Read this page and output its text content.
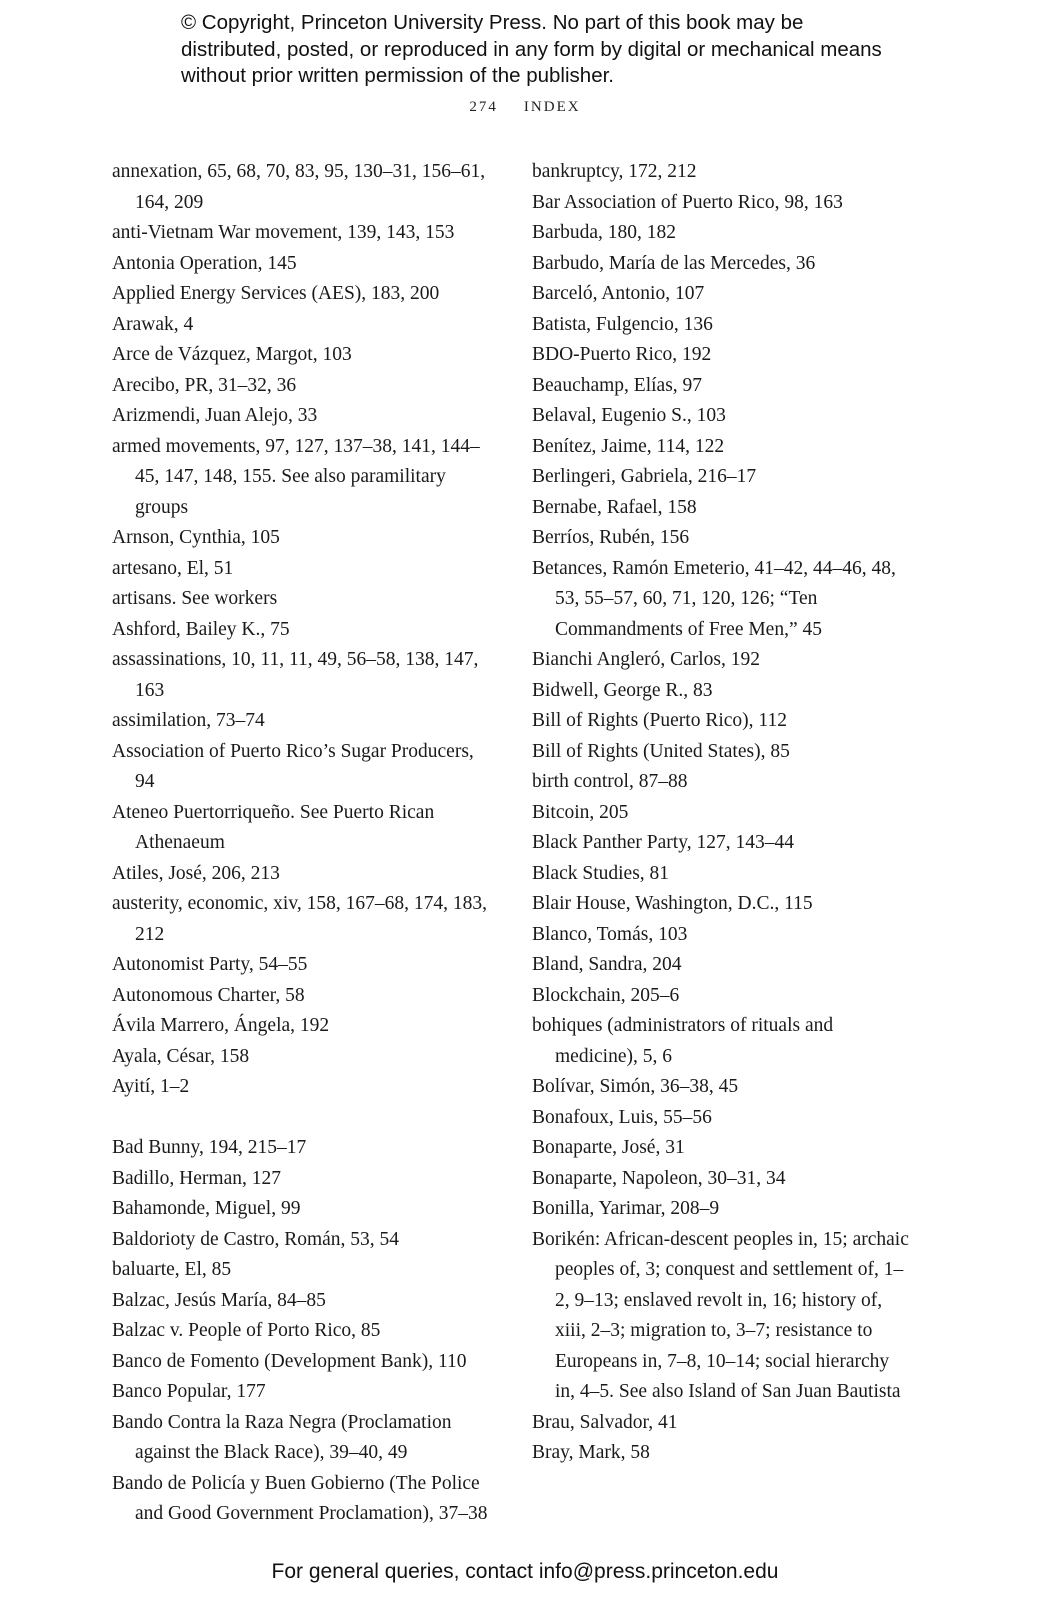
© Copyright, Princeton University Press. No part of this book may be distributed, posted, or reproduced in any form by digital or mechanical means without prior written permission of the publisher.
274 INDEX
annexation, 65, 68, 70, 83, 95, 130–31, 156–61, 164, 209
anti-Vietnam War movement, 139, 143, 153
Antonia Operation, 145
Applied Energy Services (AES), 183, 200
Arawak, 4
Arce de Vázquez, Margot, 103
Arecibo, PR, 31–32, 36
Arizmendi, Juan Alejo, 33
armed movements, 97, 127, 137–38, 141, 144–45, 147, 148, 155. See also paramilitary groups
Arnson, Cynthia, 105
artesano, El, 51
artisans. See workers
Ashford, Bailey K., 75
assassinations, 10, 11, 11, 49, 56–58, 138, 147, 163
assimilation, 73–74
Association of Puerto Rico’s Sugar Producers, 94
Ateneo Puertorriqueño. See Puerto Rican Athenaeum
Atiles, José, 206, 213
austerity, economic, xiv, 158, 167–68, 174, 183, 212
Autonomist Party, 54–55
Autonomous Charter, 58
Ávila Marrero, Ángela, 192
Ayala, César, 158
Ayití, 1–2
Bad Bunny, 194, 215–17
Badillo, Herman, 127
Bahamonde, Miguel, 99
Baldorioty de Castro, Román, 53, 54
baluarte, El, 85
Balzac, Jesús María, 84–85
Balzac v. People of Porto Rico, 85
Banco de Fomento (Development Bank), 110
Banco Popular, 177
Bando Contra la Raza Negra (Proclamation against the Black Race), 39–40, 49
Bando de Policía y Buen Gobierno (The Police and Good Government Proclamation), 37–38
bankruptcy, 172, 212
Bar Association of Puerto Rico, 98, 163
Barbuda, 180, 182
Barbudo, María de las Mercedes, 36
Barceló, Antonio, 107
Batista, Fulgencio, 136
BDO-Puerto Rico, 192
Beauchamp, Elías, 97
Belaval, Eugenio S., 103
Benítez, Jaime, 114, 122
Berlingeri, Gabriela, 216–17
Bernabe, Rafael, 158
Berríos, Rubén, 156
Betances, Ramón Emeterio, 41–42, 44–46, 48, 53, 55–57, 60, 71, 120, 126; “Ten Commandments of Free Men,” 45
Bianchi Angleró, Carlos, 192
Bidwell, George R., 83
Bill of Rights (Puerto Rico), 112
Bill of Rights (United States), 85
birth control, 87–88
Bitcoin, 205
Black Panther Party, 127, 143–44
Black Studies, 81
Blair House, Washington, D.C., 115
Blanco, Tomás, 103
Bland, Sandra, 204
Blockchain, 205–6
bohiques (administrators of rituals and medicine), 5, 6
Bolívar, Simón, 36–38, 45
Bonafoux, Luis, 55–56
Bonaparte, José, 31
Bonaparte, Napoleon, 30–31, 34
Bonilla, Yarimar, 208–9
Borikén: African-descent peoples in, 15; archaic peoples of, 3; conquest and settlement of, 1–2, 9–13; enslaved revolt in, 16; history of, xiii, 2–3; migration to, 3–7; resistance to Europeans in, 7–8, 10–14; social hierarchy in, 4–5. See also Island of San Juan Bautista
Brau, Salvador, 41
Bray, Mark, 58
For general queries, contact info@press.princeton.edu
